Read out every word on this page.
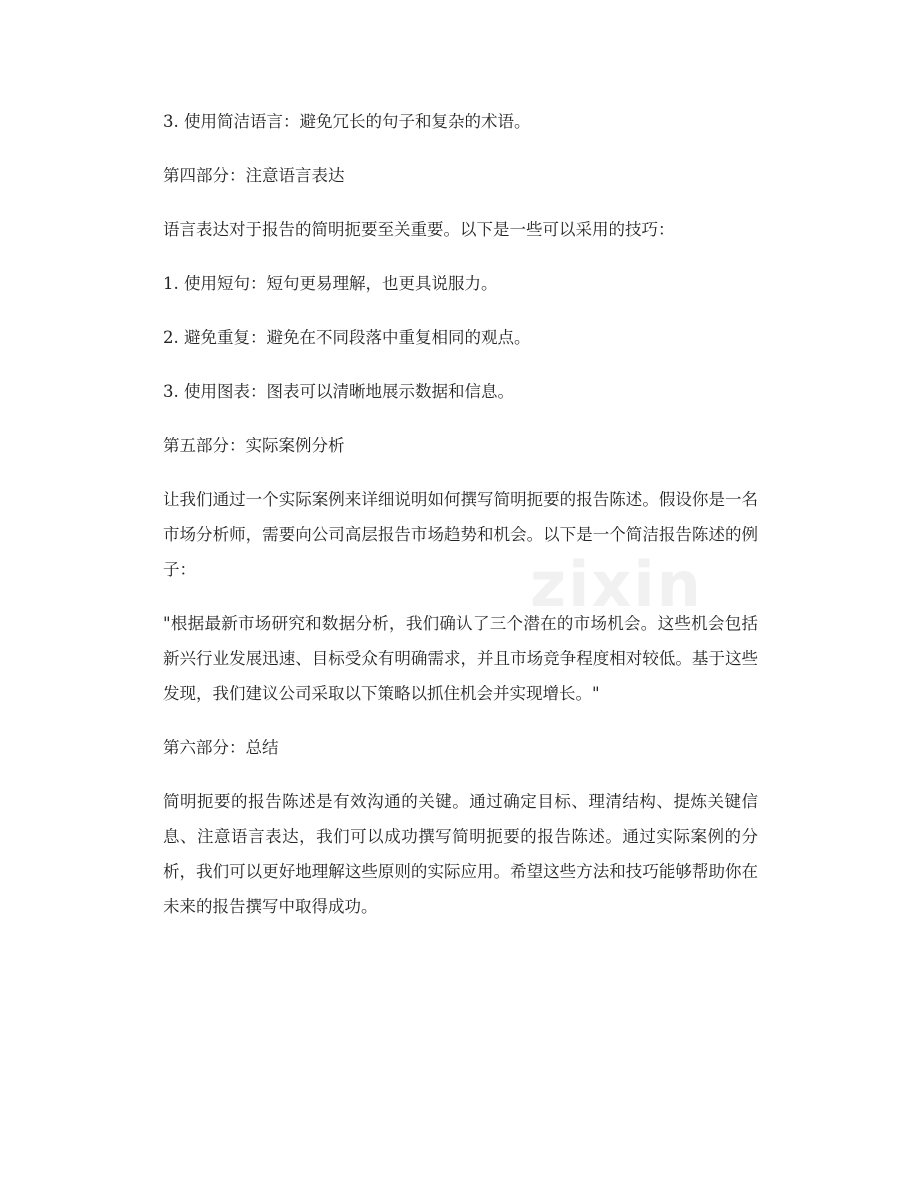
zixin

3. 使用简洁语言：避免冗长的句子和复杂的术语。

第四部分：注意语言表达

语言表达对于报告的简明扼要至关重要。以下是一些可以采用的技巧：

1. 使用短句：短句更易理解，也更具说服力。

2. 避免重复：避免在不同段落中重复相同的观点。

3. 使用图表：图表可以清晰地展示数据和信息。

第五部分：实际案例分析

让我们通过一个实际案例来详细说明如何撰写简明扼要的报告陈述。假设你是一名市场分析师，需要向公司高层报告市场趋势和机会。以下是一个简洁报告陈述的例子：

"根据最新市场研究和数据分析，我们确认了三个潜在的市场机会。这些机会包括新兴行业发展迅速、目标受众有明确需求，并且市场竞争程度相对较低。基于这些发现，我们建议公司采取以下策略以抓住机会并实现增长。"

第六部分：总结

简明扼要的报告陈述是有效沟通的关键。通过确定目标、理清结构、提炼关键信息、注意语言表达，我们可以成功撰写简明扼要的报告陈述。通过实际案例的分析，我们可以更好地理解这些原则的实际应用。希望这些方法和技巧能够帮助你在未来的报告撰写中取得成功。
